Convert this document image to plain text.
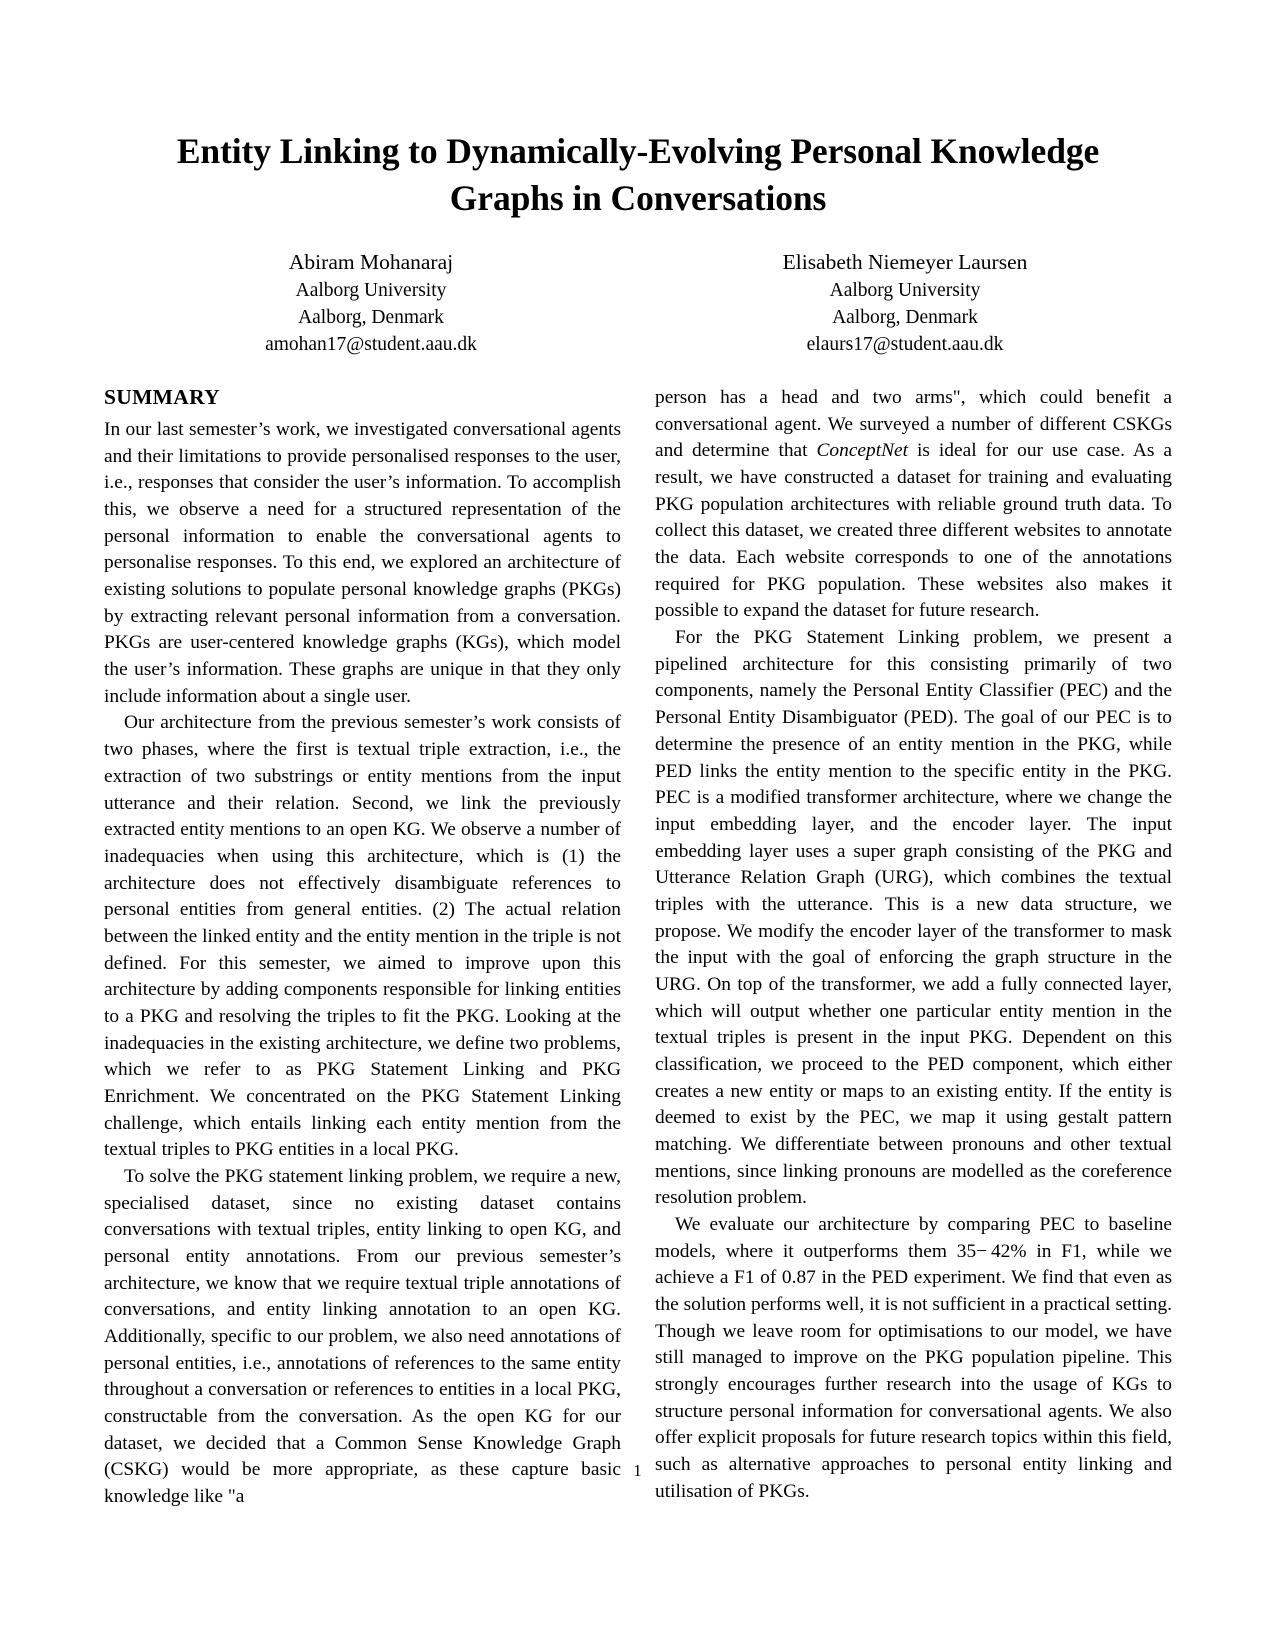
Entity Linking to Dynamically-Evolving Personal Knowledge Graphs in Conversations
Abiram Mohanaraj
Aalborg University
Aalborg, Denmark
amohan17@student.aau.dk
Elisabeth Niemeyer Laursen
Aalborg University
Aalborg, Denmark
elaurs17@student.aau.dk
SUMMARY

In our last semester’s work, we investigated conversational agents and their limitations to provide personalised responses to the user, i.e., responses that consider the user’s information. To accomplish this, we observe a need for a structured representation of the personal information to enable the conversational agents to personalise responses. To this end, we explored an architecture of existing solutions to populate personal knowledge graphs (PKGs) by extracting relevant personal information from a conversation. PKGs are user-centered knowledge graphs (KGs), which model the user’s information. These graphs are unique in that they only include information about a single user.

Our architecture from the previous semester’s work consists of two phases, where the first is textual triple extraction, i.e., the extraction of two substrings or entity mentions from the input utterance and their relation. Second, we link the previously extracted entity mentions to an open KG. We observe a number of inadequacies when using this architecture, which is (1) the architecture does not effectively disambiguate references to personal entities from general entities. (2) The actual relation between the linked entity and the entity mention in the triple is not defined. For this semester, we aimed to improve upon this architecture by adding components responsible for linking entities to a PKG and resolving the triples to fit the PKG. Looking at the inadequacies in the existing architecture, we define two problems, which we refer to as PKG Statement Linking and PKG Enrichment. We concentrated on the PKG Statement Linking challenge, which entails linking each entity mention from the textual triples to PKG entities in a local PKG.

To solve the PKG statement linking problem, we require a new, specialised dataset, since no existing dataset contains conversations with textual triples, entity linking to open KG, and personal entity annotations. From our previous semester’s architecture, we know that we require textual triple annotations of conversations, and entity linking annotation to an open KG. Additionally, specific to our problem, we also need annotations of personal entities, i.e., annotations of references to the same entity throughout a conversation or references to entities in a local PKG, constructable from the conversation. As the open KG for our dataset, we decided that a Common Sense Knowledge Graph (CSKG) would be more appropriate, as these capture basic knowledge like "a

person has a head and two arms", which could benefit a conversational agent. We surveyed a number of different CSKGs and determine that ConceptNet is ideal for our use case. As a result, we have constructed a dataset for training and evaluating PKG population architectures with reliable ground truth data. To collect this dataset, we created three different websites to annotate the data. Each website corresponds to one of the annotations required for PKG population. These websites also makes it possible to expand the dataset for future research.

For the PKG Statement Linking problem, we present a pipelined architecture for this consisting primarily of two components, namely the Personal Entity Classifier (PEC) and the Personal Entity Disambiguator (PED). The goal of our PEC is to determine the presence of an entity mention in the PKG, while PED links the entity mention to the specific entity in the PKG. PEC is a modified transformer architecture, where we change the input embedding layer, and the encoder layer. The input embedding layer uses a super graph consisting of the PKG and Utterance Relation Graph (URG), which combines the textual triples with the utterance. This is a new data structure, we propose. We modify the encoder layer of the transformer to mask the input with the goal of enforcing the graph structure in the URG. On top of the transformer, we add a fully connected layer, which will output whether one particular entity mention in the textual triples is present in the input PKG. Dependent on this classification, we proceed to the PED component, which either creates a new entity or maps to an existing entity. If the entity is deemed to exist by the PEC, we map it using gestalt pattern matching. We differentiate between pronouns and other textual mentions, since linking pronouns are modelled as the coreference resolution problem.

We evaluate our architecture by comparing PEC to baseline models, where it outperforms them 35− 42% in F1, while we achieve a F1 of 0.87 in the PED experiment. We find that even as the solution performs well, it is not sufficient in a practical setting. Though we leave room for optimisations to our model, we have still managed to improve on the PKG population pipeline. This strongly encourages further research into the usage of KGs to structure personal information for conversational agents. We also offer explicit proposals for future research topics within this field, such as alternative approaches to personal entity linking and utilisation of PKGs.

1
